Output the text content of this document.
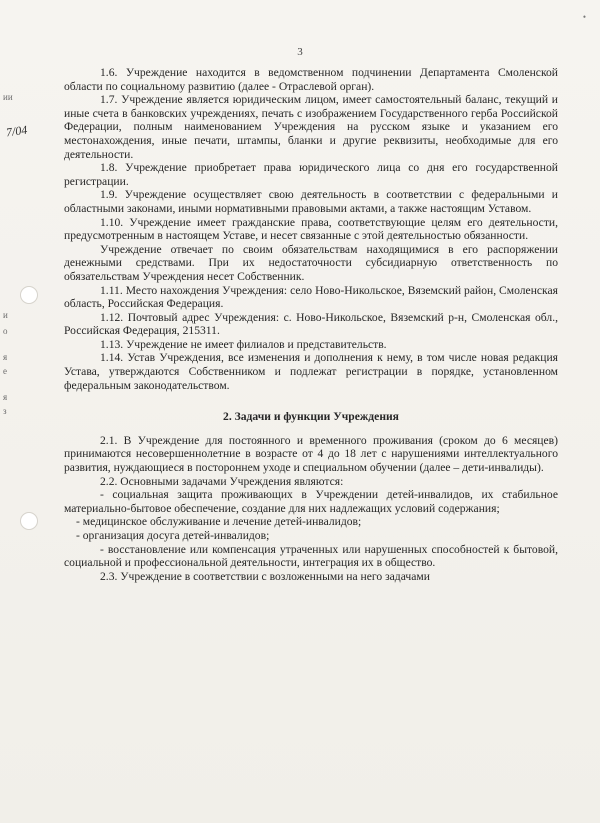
•
ии
7/04
и
о
я
е
я
з
3

1.6. Учреждение находится в ведомственном подчинении Департамента Смоленской области по социальному развитию (далее - Отраслевой орган).

1.7. Учреждение является юридическим лицом, имеет самостоятельный баланс, текущий и иные счета в банковских учреждениях, печать с изображением Государственного герба Российской Федерации, полным наименованием Учреждения на русском языке и указанием его местонахождения, иные печати, штампы, бланки и другие реквизиты, необходимые для его деятельности.

1.8. Учреждение приобретает права юридического лица со дня его государственной регистрации.

1.9. Учреждение осуществляет свою деятельность в соответствии с федеральными и областными законами, иными нормативными правовыми актами, а также настоящим Уставом.

1.10. Учреждение имеет гражданские права, соответствующие целям его деятельности, предусмотренным в настоящем Уставе, и несет связанные с этой деятельностью обязанности.

Учреждение отвечает по своим обязательствам находящимися в его распоряжении денежными средствами. При их недостаточности субсидиарную ответственность по обязательствам Учреждения несет Собственник.

1.11. Место нахождения Учреждения: село Ново-Никольское, Вяземский район, Смоленская область, Российская Федерация.

1.12. Почтовый адрес Учреждения: с. Ново-Никольское, Вяземский р-н, Смоленская обл., Российская Федерация, 215311.

1.13. Учреждение не имеет филиалов и представительств.

1.14. Устав Учреждения, все изменения и дополнения к нему, в том числе новая редакция Устава, утверждаются Собственником и подлежат регистрации в порядке, установленном федеральным законодательством.

2. Задачи и функции Учреждения

2.1. В Учреждение для постоянного и временного проживания (сроком до 6 месяцев) принимаются несовершеннолетние в возрасте от 4 до 18 лет с нарушениями интеллектуального развития, нуждающиеся в постороннем уходе и специальном обучении (далее – дети-инвалиды).

2.2. Основными задачами Учреждения являются:

- социальная защита проживающих в Учреждении детей-инвалидов, их стабильное материально-бытовое обеспечение, создание для них надлежащих условий содержания;

- медицинское обслуживание и лечение детей-инвалидов;

- организация досуга детей-инвалидов;

- восстановление или компенсация утраченных или нарушенных способностей к бытовой, социальной и профессиональной деятельности, интеграция их в общество.

2.3. Учреждение в соответствии с возложенными на него задачами
